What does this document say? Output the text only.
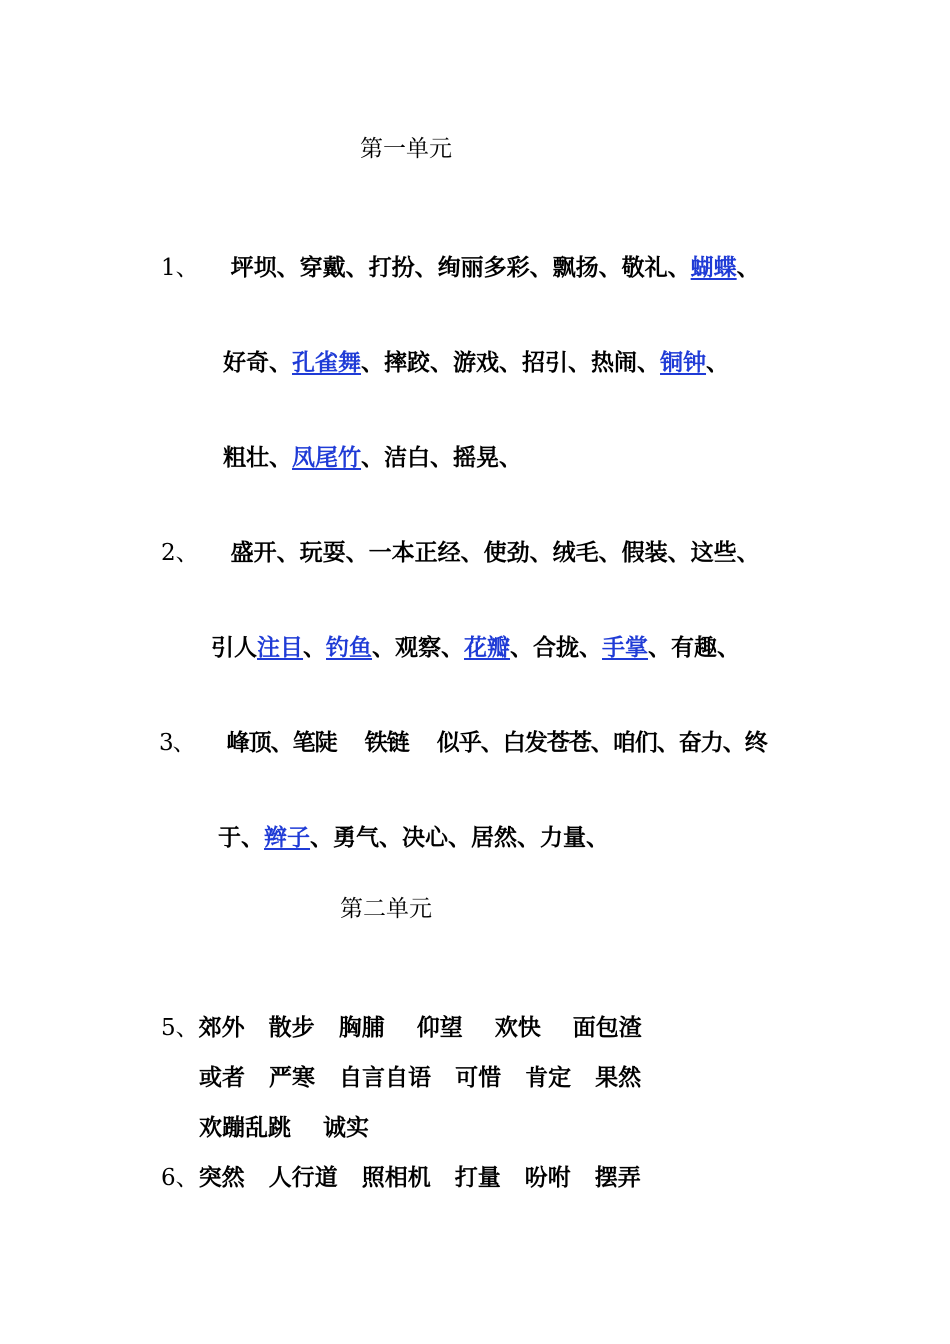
第一单元

1、 坪坝、穿戴、打扮、绚丽多彩、飘扬、敬礼、蝴蝶、

好奇、孔雀舞、摔跤、游戏、招引、热闹、铜钟、

粗壮、凤尾竹、洁白、摇晃、

2、 盛开、玩耍、一本正经、使劲、绒毛、假装、这些、

引人注目、钓鱼、观察、花瓣、合拢、手掌、有趣、

3、 峰顶、笔陡    铁链    似乎、白发苍苍、咱们、奋力、终

于、辫子、勇气、决心、居然、力量、

第二单元

5、郊外   散步   胸脯    仰望    欢快    面包渣

或者   严寒   自言自语   可惜   肯定   果然

欢蹦乱跳    诚实

6、突然   人行道   照相机   打量   吩咐   摆弄
